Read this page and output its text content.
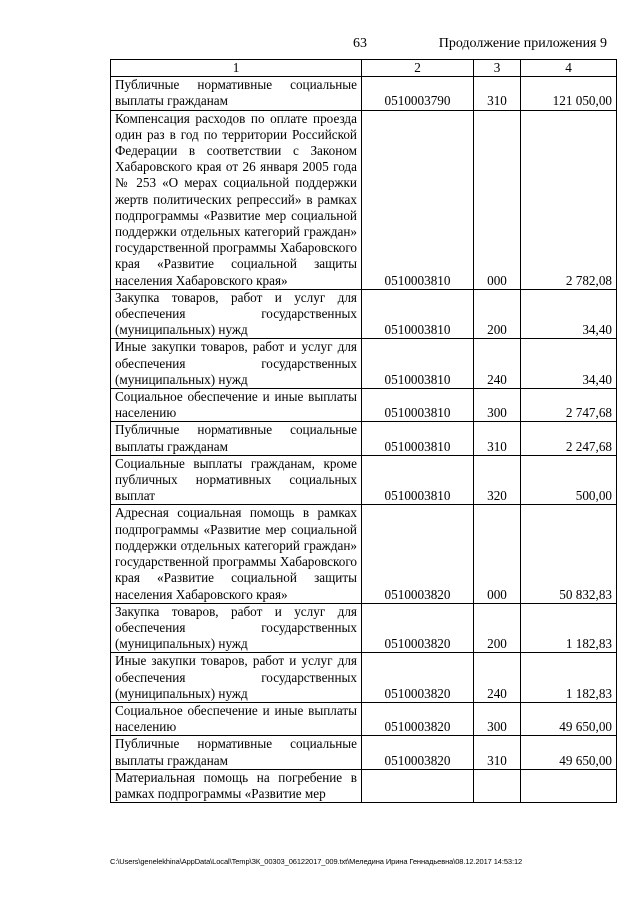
63	Продолжение приложения 9
1	2	3	4
Публичные нормативные социальные выплаты гражданам	0510003790	310	121 050,00
Компенсация расходов по оплате проезда один раз в год по территории Российской Федерации в соответствии с Законом Хабаровского края от 26 января 2005 года № 253 «О мерах социальной поддержки жертв политических репрессий» в рамках подпрограммы «Развитие мер социальной поддержки отдельных категорий граждан» государственной программы Хабаровского края «Развитие социальной защиты населения Хабаровского края»	0510003810	000	2 782,08
Закупка товаров, работ и услуг для обеспечения государственных (муниципальных) нужд	0510003810	200	34,40
Иные закупки товаров, работ и услуг для обеспечения государственных (муниципальных) нужд	0510003810	240	34,40
Социальное обеспечение и иные выплаты населению	0510003810	300	2 747,68
Публичные нормативные социальные выплаты гражданам	0510003810	310	2 247,68
Социальные выплаты гражданам, кроме публичных нормативных социальных выплат	0510003810	320	500,00
Адресная социальная помощь в рамках подпрограммы «Развитие мер социальной поддержки отдельных категорий граждан» государственной программы Хабаровского края «Развитие социальной защиты населения Хабаровского края»	0510003820	000	50 832,83
Закупка товаров, работ и услуг для обеспечения государственных (муниципальных) нужд	0510003820	200	1 182,83
Иные закупки товаров, работ и услуг для обеспечения государственных (муниципальных) нужд	0510003820	240	1 182,83
Социальное обеспечение и иные выплаты населению	0510003820	300	49 650,00
Публичные нормативные социальные выплаты гражданам	0510003820	310	49 650,00
Материальная помощь на погребение в рамках подпрограммы «Развитие мер			
C:\Users\genelekhina\AppData\Local\Temp\ЗК_00303_06122017_009.txt\Меледина Ирина Геннадьевна\08.12.2017 14:53:12
